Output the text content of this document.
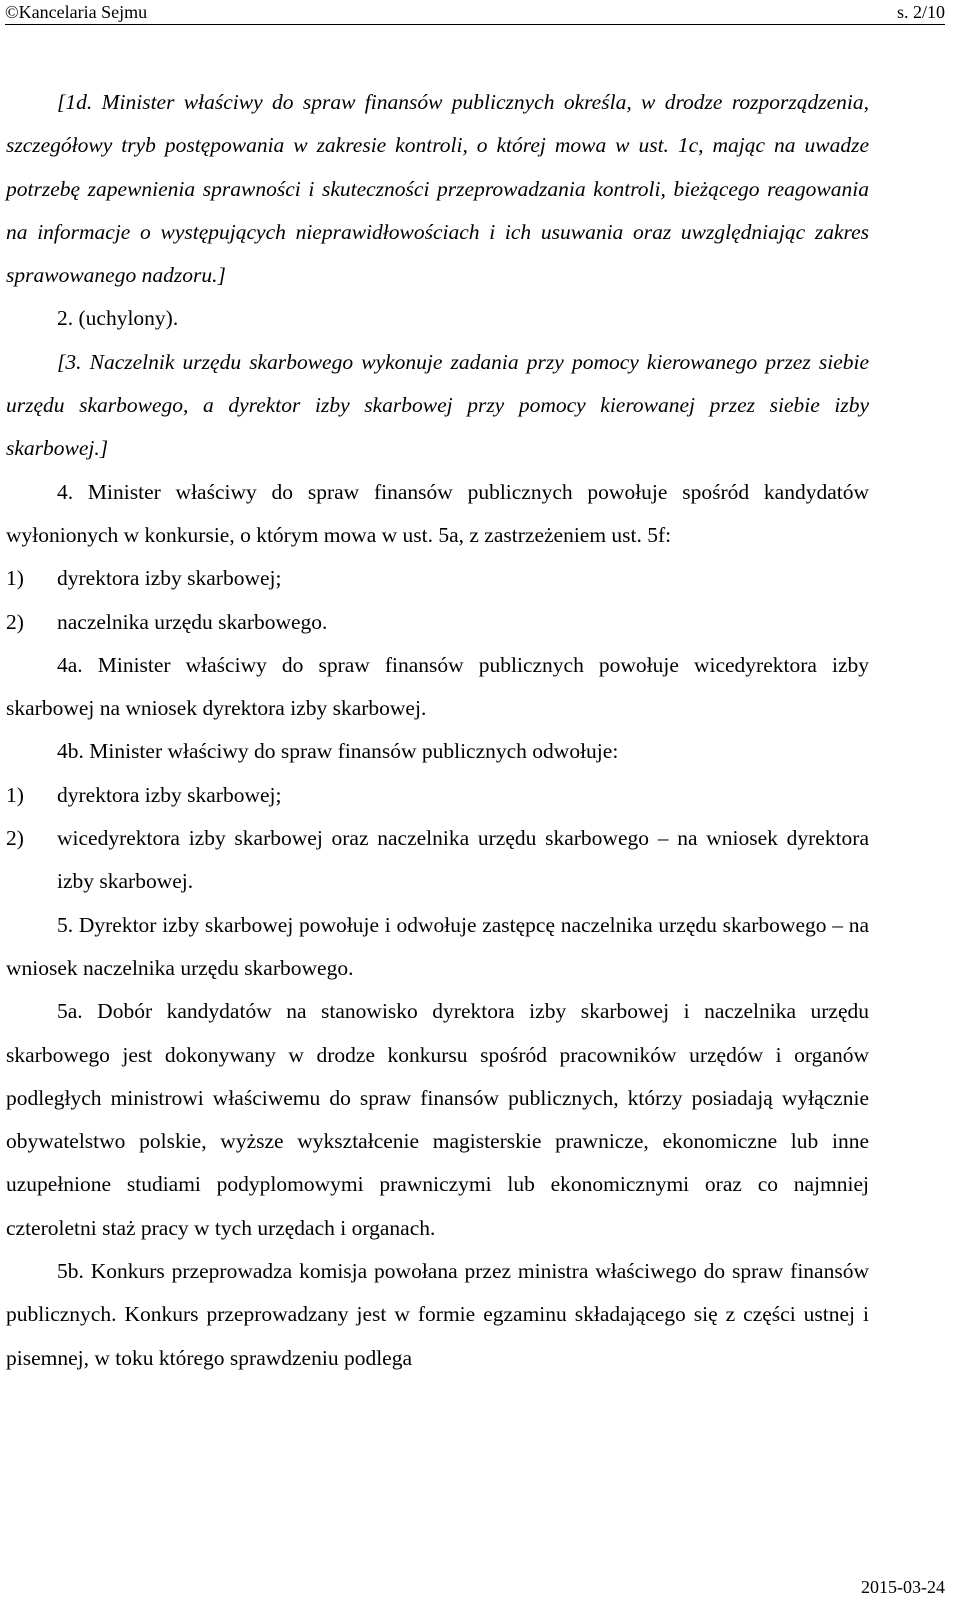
©Kancelaria Sejmu	s. 2/10

[1d. Minister właściwy do spraw finansów publicznych określa, w drodze rozporządzenia, szczegółowy tryb postępowania w zakresie kontroli, o której mowa w ust. 1c, mając na uwadze potrzebę zapewnienia sprawności i skuteczności przeprowadzania kontroli, bieżącego reagowania na informacje o występujących nieprawidłowościach i ich usuwania oraz uwzględniając zakres sprawowanego nadzoru.]

2. (uchylony).

[3. Naczelnik urzędu skarbowego wykonuje zadania przy pomocy kierowanego przez siebie urzędu skarbowego, a dyrektor izby skarbowej przy pomocy kierowanej przez siebie izby skarbowej.]

4. Minister właściwy do spraw finansów publicznych powołuje spośród kandydatów wyłonionych w konkursie, o którym mowa w ust. 5a, z zastrzeżeniem ust. 5f:

1)	dyrektora izby skarbowej;
2)	naczelnika urzędu skarbowego.

4a. Minister właściwy do spraw finansów publicznych powołuje wicedyrektora izby skarbowej na wniosek dyrektora izby skarbowej.

4b. Minister właściwy do spraw finansów publicznych odwołuje:

1)	dyrektora izby skarbowej;
2)	wicedyrektora izby skarbowej oraz naczelnika urzędu skarbowego – na wniosek dyrektora izby skarbowej.

5. Dyrektor izby skarbowej powołuje i odwołuje zastępcę naczelnika urzędu skarbowego – na wniosek naczelnika urzędu skarbowego.

5a. Dobór kandydatów na stanowisko dyrektora izby skarbowej i naczelnika urzędu skarbowego jest dokonywany w drodze konkursu spośród pracowników urzędów i organów podległych ministrowi właściwemu do spraw finansów publicznych, którzy posiadają wyłącznie obywatelstwo polskie, wyższe wykształcenie magisterskie prawnicze, ekonomiczne lub inne uzupełnione studiami podyplomowymi prawniczymi lub ekonomicznymi oraz co najmniej czteroletni staż pracy w tych urzędach i organach.

5b. Konkurs przeprowadza komisja powołana przez ministra właściwego do spraw finansów publicznych. Konkurs przeprowadzany jest w formie egzaminu składającego się z części ustnej i pisemnej, w toku którego sprawdzeniu podlega

2015-03-24
